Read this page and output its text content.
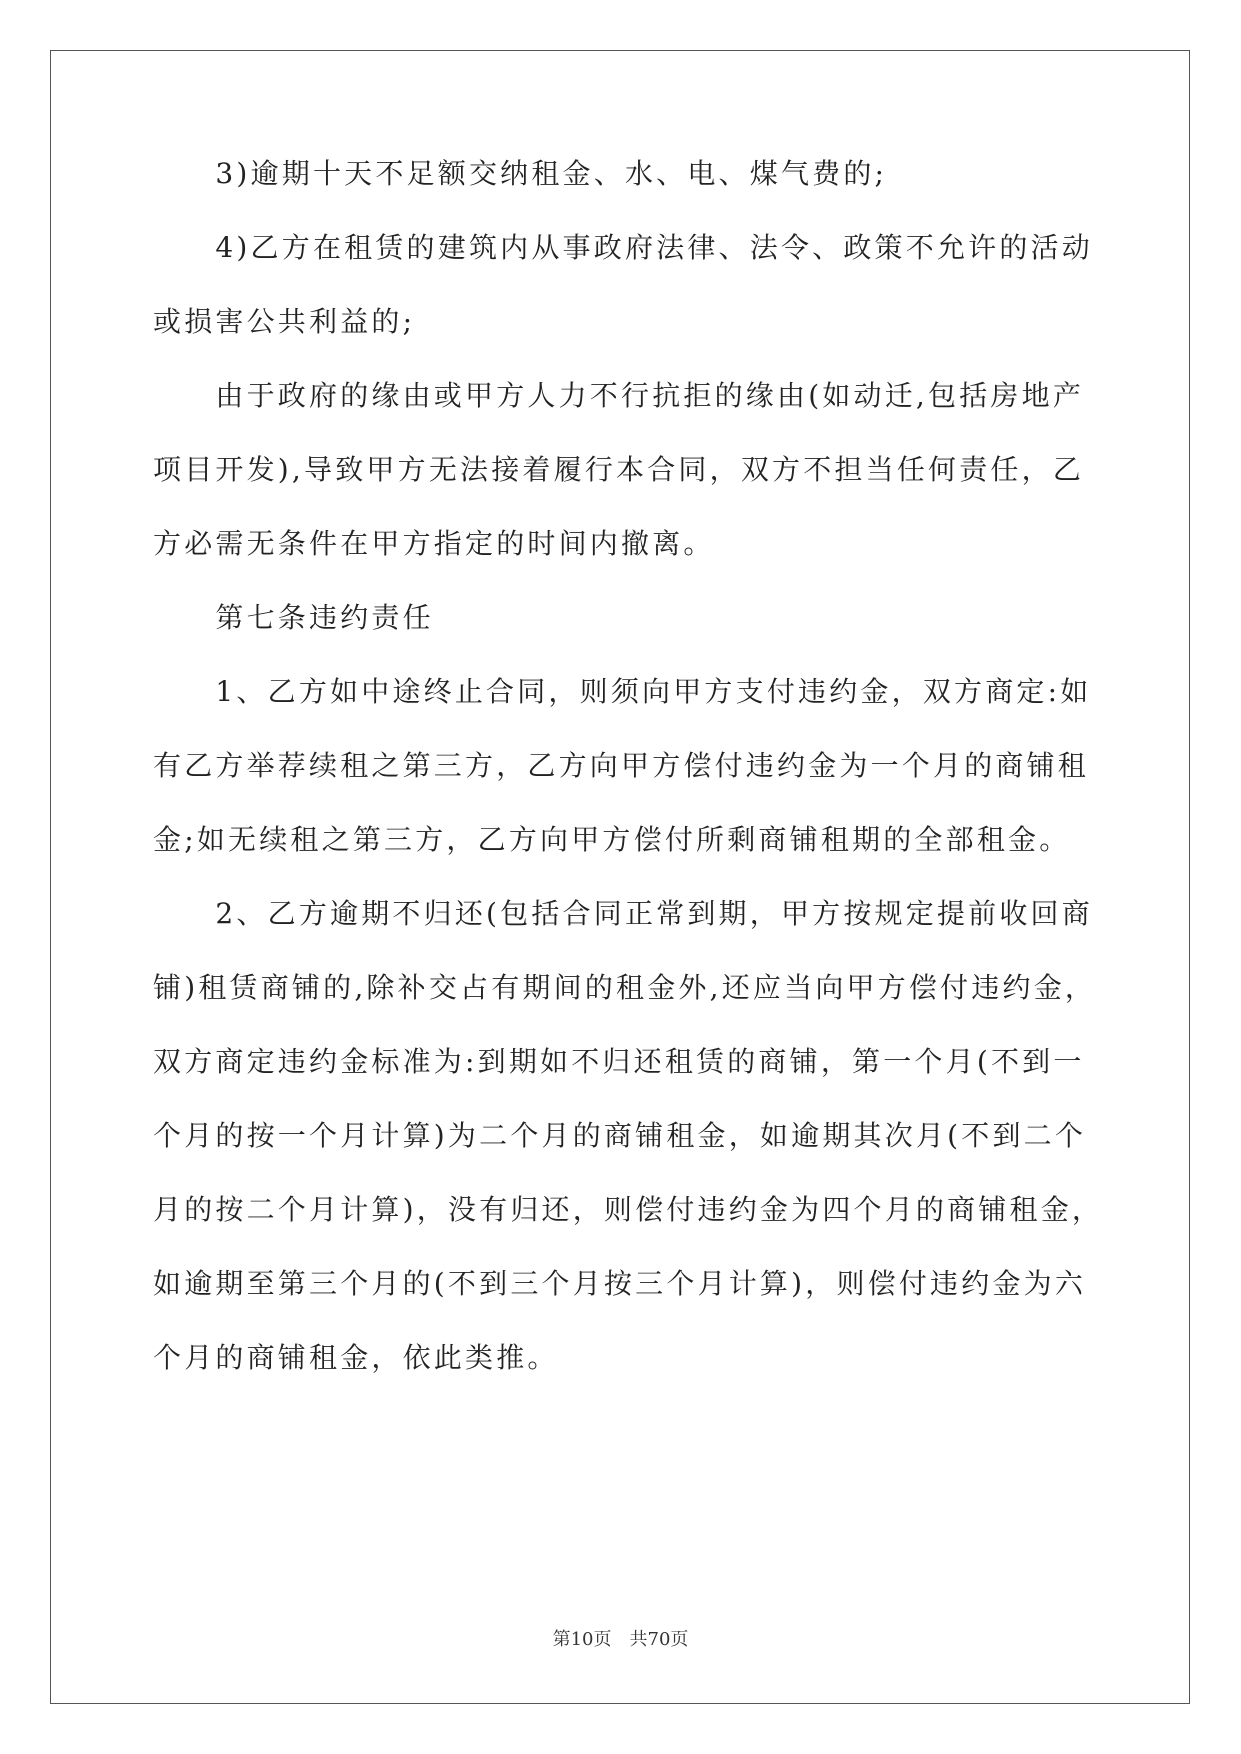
　　3)逾期十天不足额交纳租金、水、电、煤气费的;
　　4)乙方在租赁的建筑内从事政府法律、法令、政策不允许的活动
或损害公共利益的;
　　由于政府的缘由或甲方人力不行抗拒的缘由(如动迁,包括房地产
项目开发),导致甲方无法接着履行本合同，双方不担当任何责任，乙
方必需无条件在甲方指定的时间内撤离。
　　第七条违约责任
　　1、乙方如中途终止合同，则须向甲方支付违约金，双方商定:如
有乙方举荐续租之第三方，乙方向甲方偿付违约金为一个月的商铺租
金;如无续租之第三方，乙方向甲方偿付所剩商铺租期的全部租金。
　　2、乙方逾期不归还(包括合同正常到期，甲方按规定提前收回商
铺)租赁商铺的,除补交占有期间的租金外,还应当向甲方偿付违约金，
双方商定违约金标准为:到期如不归还租赁的商铺，第一个月(不到一
个月的按一个月计算)为二个月的商铺租金，如逾期其次月(不到二个
月的按二个月计算)，没有归还，则偿付违约金为四个月的商铺租金，
如逾期至第三个月的(不到三个月按三个月计算)，则偿付违约金为六
个月的商铺租金，依此类推。
第10页 共70页
